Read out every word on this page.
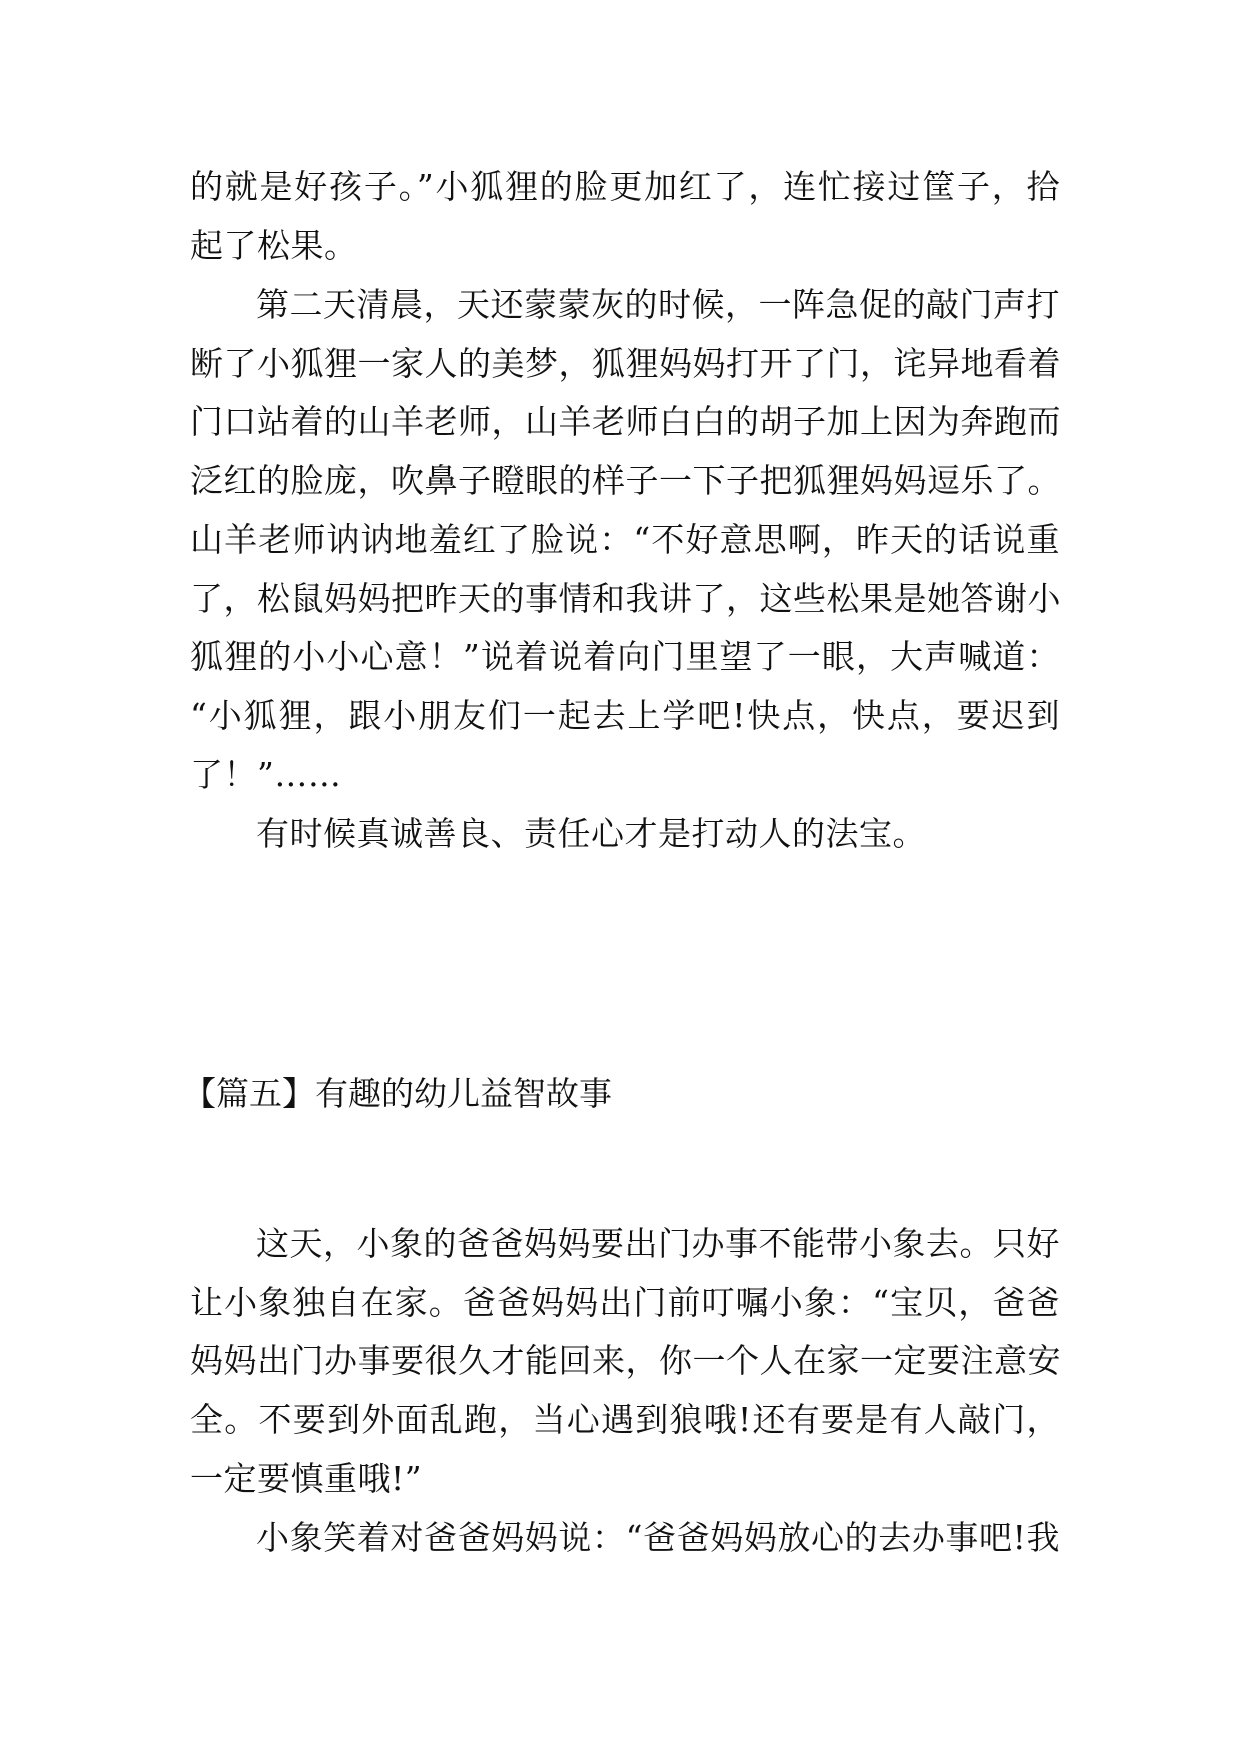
的就是好孩子。”小狐狸的脸更加红了，连忙接过筐子，拾
起了松果。
第二天清晨，天还蒙蒙灰的时候，一阵急促的敲门声打
断了小狐狸一家人的美梦，狐狸妈妈打开了门，诧异地看着
门口站着的山羊老师，山羊老师白白的胡子加上因为奔跑而
泛红的脸庞，吹鼻子瞪眼的样子一下子把狐狸妈妈逗乐了。
山羊老师讷讷地羞红了脸说：“不好意思啊，昨天的话说重
了，松鼠妈妈把昨天的事情和我讲了，这些松果是她答谢小
狐狸的小小心意！”说着说着向门里望了一眼，大声喊道：
“小狐狸，跟小朋友们一起去上学吧!快点，快点，要迟到
了！”……
有时候真诚善良、责任心才是打动人的法宝。
【篇五】有趣的幼儿益智故事
这天，小象的爸爸妈妈要出门办事不能带小象去。只好
让小象独自在家。爸爸妈妈出门前叮嘱小象：“宝贝，爸爸
妈妈出门办事要很久才能回来，你一个人在家一定要注意安
全。不要到外面乱跑，当心遇到狼哦!还有要是有人敲门，
一定要慎重哦!”
小象笑着对爸爸妈妈说：“爸爸妈妈放心的去办事吧!我
